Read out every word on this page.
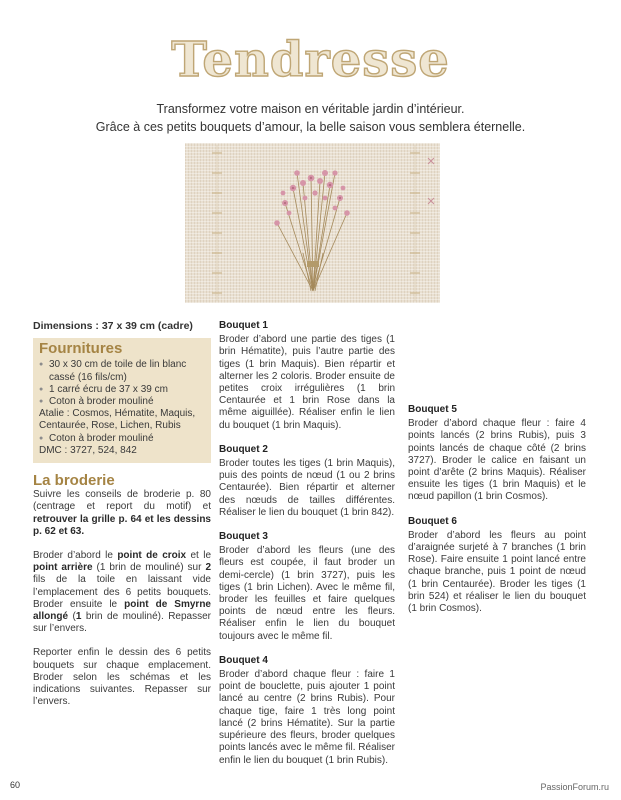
Tendresse
Transformez votre maison en véritable jardin d’intérieur.
Grâce à ces petits bouquets d’amour, la belle saison vous semblera éternelle.
Dimensions : 37 x 39 cm (cadre)
Fournitures
● 30 x 30 cm de toile de lin blanc cassé (16 fils/cm)
● 1 carré écru de 37 x 39 cm
● Coton à broder mouliné
Atalie : Cosmos, Hématite, Maquis, Centaurée, Rose, Lichen, Rubis
● Coton à broder mouliné
DMC : 3727, 524, 842
La broderie
Suivre les conseils de broderie p. 80 (centrage et report du motif) et retrouver la grille p. 64 et les dessins p. 62 et 63.
Broder d’abord le point de croix et le point arrière (1 brin de mouliné) sur 2 fils de la toile en laissant vide l’emplacement des 6 petits bouquets. Broder ensuite le point de Smyrne allongé (1 brin de mouliné). Repasser sur l’envers.
Reporter enfin le dessin des 6 petits bouquets sur chaque emplacement. Broder selon les schémas et les indications suivantes. Repasser sur l’envers.
Bouquet 1
Broder d’abord une partie des tiges (1 brin Hématite), puis l’autre partie des tiges (1 brin Maquis). Bien répartir et alterner les 2 coloris. Broder ensuite de petites croix irrégulières (1 brin Centaurée et 1 brin Rose dans la même aiguillée). Réaliser enfin le lien du bouquet (1 brin Maquis).
Bouquet 2
Broder toutes les tiges (1 brin Maquis), puis des points de nœud (1 ou 2 brins Centaurée). Bien répartir et alterner des nœuds de tailles différentes. Réaliser le lien du bouquet (1 brin 842).
Bouquet 3
Broder d’abord les fleurs (une des fleurs est coupée, il faut broder un demi-cercle) (1 brin 3727), puis les tiges (1 brin Lichen). Avec le même fil, broder les feuilles et faire quelques points de nœud entre les fleurs. Réaliser enfin le lien du bouquet toujours avec le même fil.
Bouquet 4
Broder d’abord chaque fleur : faire 1 point de bouclette, puis ajouter 1 point lancé au centre (2 brins Rubis). Pour chaque tige, faire 1 très long point lancé (2 brins Hématite). Sur la partie supérieure des fleurs, broder quelques points lancés avec le même fil. Réaliser enfin le lien du bouquet (1 brin Rubis).
Bouquet 5
Broder d’abord chaque fleur : faire 4 points lancés (2 brins Rubis), puis 3 points lancés de chaque côté (2 brins 3727). Broder le calice en faisant un point d’arête (2 brins Maquis). Réaliser ensuite les tiges (1 brin Maquis) et le nœud papillon (1 brin Cosmos).
Bouquet 6
Broder d’abord les fleurs au point d’araignée surjeté à 7 branches (1 brin Rose). Faire ensuite 1 point lancé entre chaque branche, puis 1 point de nœud (1 brin Centaurée). Broder les tiges (1 brin 524) et réaliser le lien du bouquet (1 brin Cosmos).
60	PassionForum.ru
